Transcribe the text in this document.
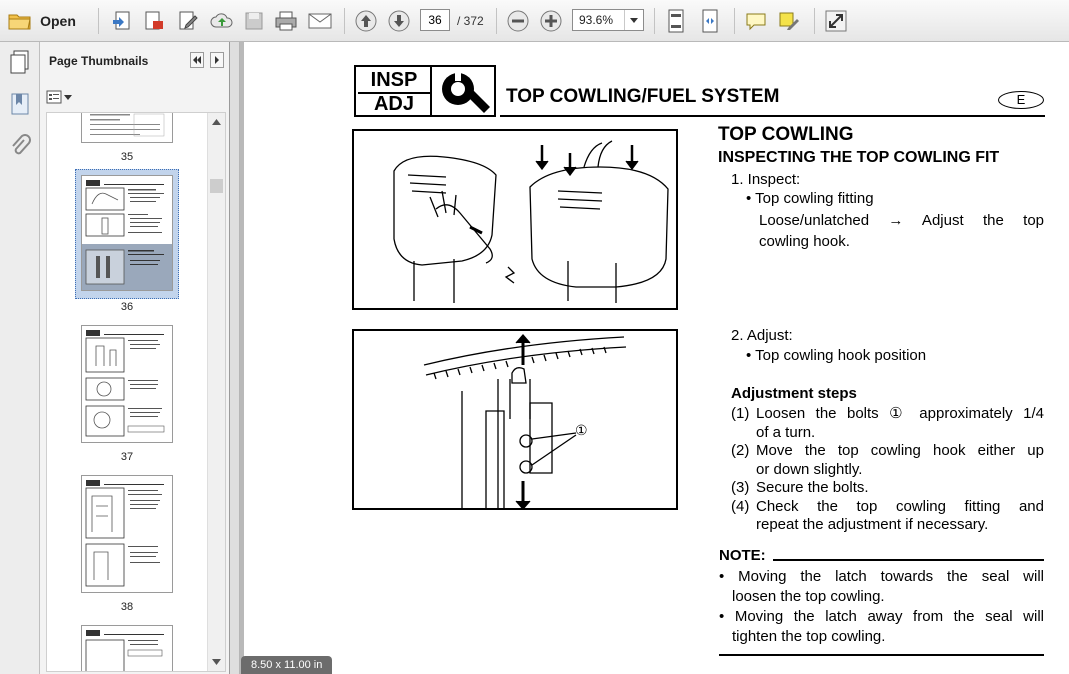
Open
36	/ 372	93.6%
Page Thumbnails
35
36
37
38
INSP
ADJ	TOP COWLING/FUEL SYSTEM	E
①
TOP COWLING
INSPECTING THE TOP COWLING FIT
1. Inspect:
• Top cowling fitting
Loose/unlatched → Adjust the top
cowling hook.
2. Adjust:
• Top cowling hook position
Adjustment steps
(1) Loosen the bolts ① approximately 1/4
of a turn.
(2) Move the top cowling hook either up
or down slightly.
(3) Secure the bolts.
(4) Check the top cowling fitting and
repeat the adjustment if necessary.
NOTE:
• Moving the latch towards the seal will
loosen the top cowling.
• Moving the latch away from the seal will
tighten the top cowling.
8.50 x 11.00 in
